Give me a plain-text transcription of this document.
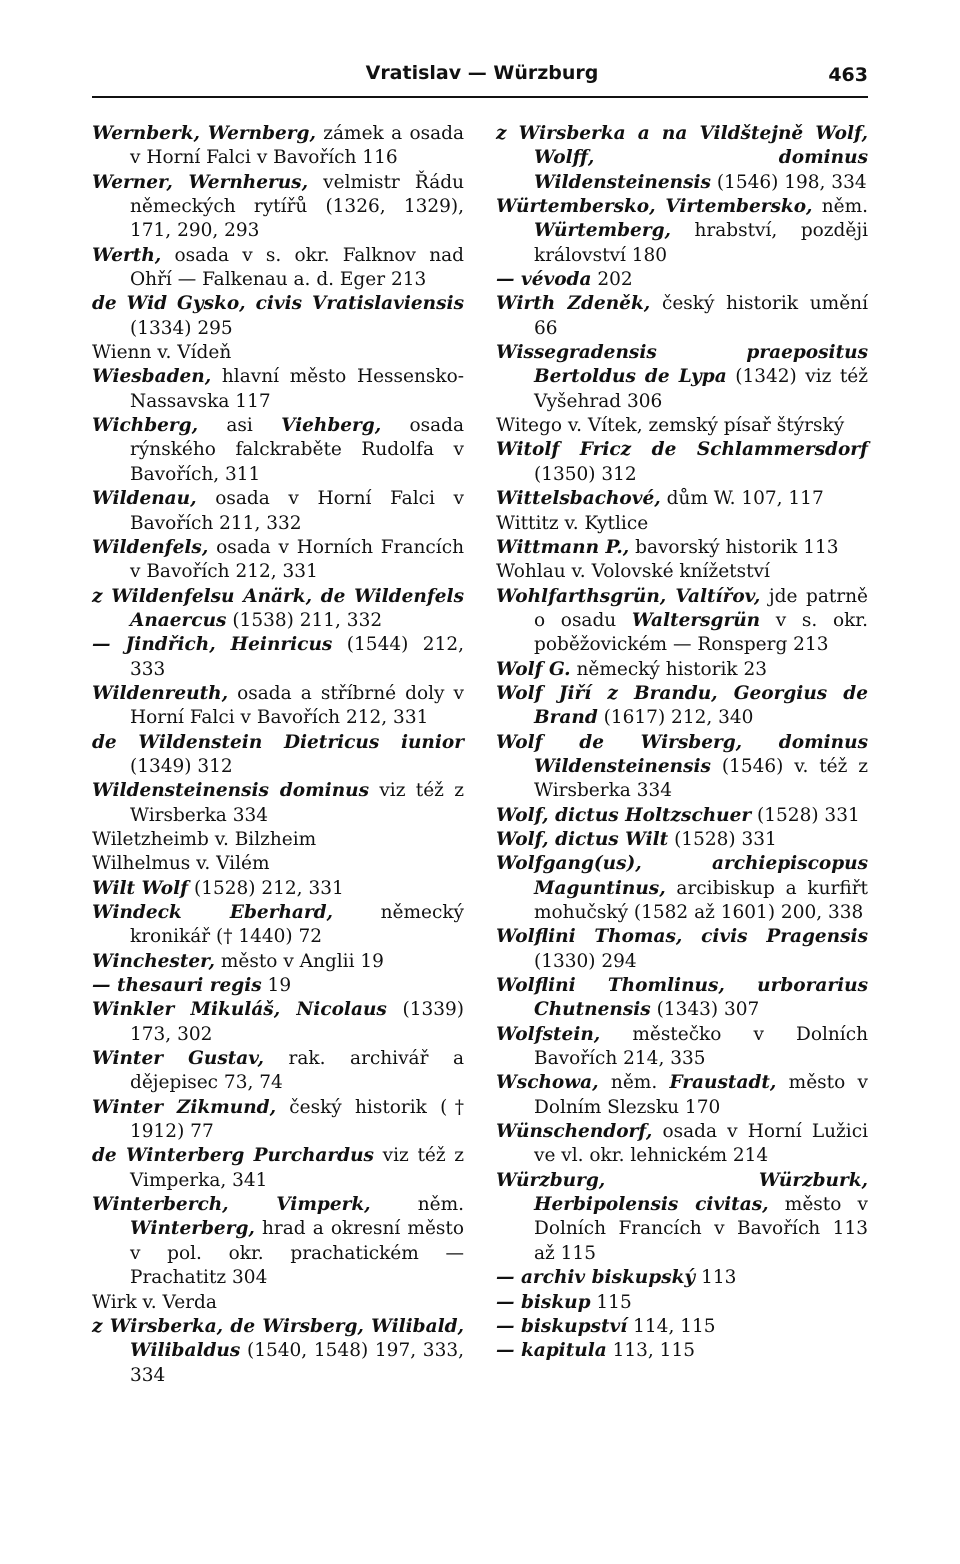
Vratislav — Würzburg	463
Wernberk, Wernberg, zámek a osada v Horní Falci v Bavořích 116
Werner, Wernherus, velmistr Řádu německých rytířů (1326, 1329), 171, 290, 293
Werth, osada v s. okr. Falknov nad Ohří — Falkenau a. d. Eger 213
de Wid Gysko, civis Vratislaviensis (1334) 295
Wienn v. Vídeň
Wiesbaden, hlavní město Hessensko-Nassavska 117
Wichberg, asi Viehberg, osada rýnského falckraběte Rudolfa v Bavořích, 311
Wildenau, osada v Horní Falci v Bavořích 211, 332
Wildenfels, osada v Horních Francích v Bavořích 212, 331
z Wildenfelsu Anärk, de Wildenfels Anaercus (1538) 211, 332
— Jindřich, Heinricus (1544) 212, 333
Wildenreuth, osada a stříbrné doly v Horní Falci v Bavořích 212, 331
de Wildenstein Dietricus iunior (1349) 312
Wildensteinensis dominus viz též z Wirsberka 334
Wiletzheimb v. Bilzheim
Wilhelmus v. Vilém
Wilt Wolf (1528) 212, 331
Windeck Eberhard, německý kronikář († 1440) 72
Winchester, město v Anglii 19
— thesauri regis 19
Winkler Mikuláš, Nicolaus (1339) 173, 302
Winter Gustav, rak. archivář a dějepisec 73, 74
Winter Zikmund, český historik († 1912) 77
de Winterberg Purchardus viz též z Vimperka, 341
Winterberch, Vimperk, něm. Winterberg, hrad a okresní město v pol. okr. prachatickém — Prachatitz 304
Wirk v. Verda
z Wirsberka, de Wirsberg, Wilibald, Wilibaldus (1540, 1548) 197, 333, 334
z Wirsberka a na Vildštejně Wolf, Wolff, dominus Wildensteinensis (1546) 198, 334
Würtembersko, Virtembersko, něm. Würtemberg, hrabství, později království 180
— vévoda 202
Wirth Zdeněk, český historik umění 66
Wissegradensis praepositus Bertoldus de Lypa (1342) viz též Vyšehrad 306
Witego v. Vítek, zemský písař štýrský
Witolf Fricz de Schlammersdorf (1350) 312
Wittelsbachové, dům W. 107, 117
Wittitz v. Kytlice
Wittmann P., bavorský historik 113
Wohlau v. Volovské knížetství
Wohlfarthsgrün, Valtířov, jde patrně o osadu Waltersgrün v s. okr. poběžovickém — Ronsperg 213
Wolf G. německý historik 23
Wolf Jiří z Brandu, Georgius de Brand (1617) 212, 340
Wolf de Wirsberg, dominus Wildensteinensis (1546) v. též z Wirsberka 334
Wolf, dictus Holtzschuer (1528) 331
Wolf, dictus Wilt (1528) 331
Wolfgang(us), archiepiscopus Maguntinus, arcibiskup a kurfiřt mohučský (1582 až 1601) 200, 338
Wolflini Thomas, civis Pragensis (1330) 294
Wolflini Thomlinus, urborarius Chutnensis (1343) 307
Wolfstein, městečko v Dolních Bavořích 214, 335
Wschowa, něm. Fraustadt, město v Dolním Slezsku 170
Wünschendorf, osada v Horní Lužici ve vl. okr. lehnickém 214
Würzburg, Würzburk, Herbipolensis civitas, město v Dolních Francích v Bavořích 113 až 115
— archiv biskupský 113
— biskup 115
— biskupství 114, 115
— kapitula 113, 115
